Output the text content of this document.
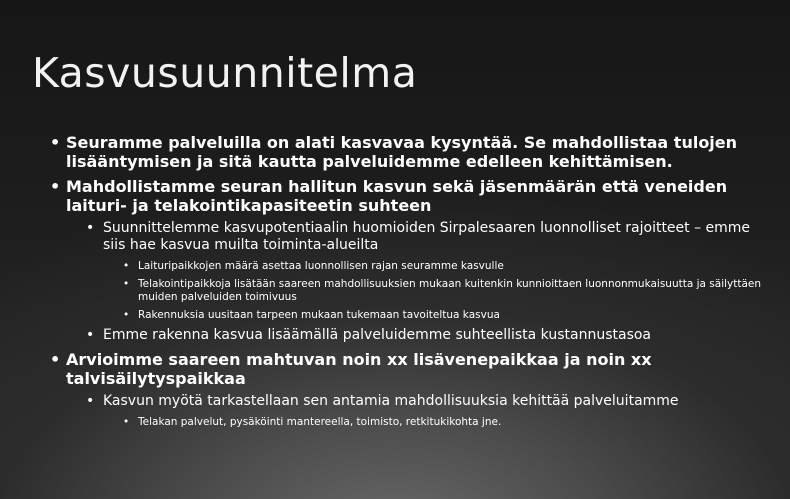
Kasvusuunnitelma
• Seuramme palveluilla on alati kasvavaa kysyntää. Se mahdollistaa tulojen lisääntymisen ja sitä kautta palveluidemme edelleen kehittämisen.
• Mahdollistamme seuran hallitun kasvun sekä jäsenmäärän että veneiden laituri- ja telakointikapasiteetin suhteen
• Suunnittelemme kasvupotentiaalin huomioiden Sirpalesaaren luonnolliset rajoitteet – emme siis hae kasvua muilta toiminta-alueilta
• Laituripaikkojen määrä asettaa luonnollisen rajan seuramme kasvulle
• Telakointipaikkoja lisätään saareen mahdollisuuksien mukaan kuitenkin kunnioittaen luonnonmukaisuutta ja säilyttäen muiden palveluiden toimivuus
• Rakennuksia uusitaan tarpeen mukaan tukemaan tavoiteltua kasvua
• Emme rakenna kasvua lisäämällä palveluidemme suhteellista kustannustasoa
• Arvioimme saareen mahtuvan noin xx lisävenepaikkaa ja noin xx talvisäilytyspaikkaa
• Kasvun myötä tarkastellaan sen antamia mahdollisuuksia kehittää palveluitamme
• Telakan palvelut, pysäköinti mantereella, toimisto, retkitukikohta jne.
